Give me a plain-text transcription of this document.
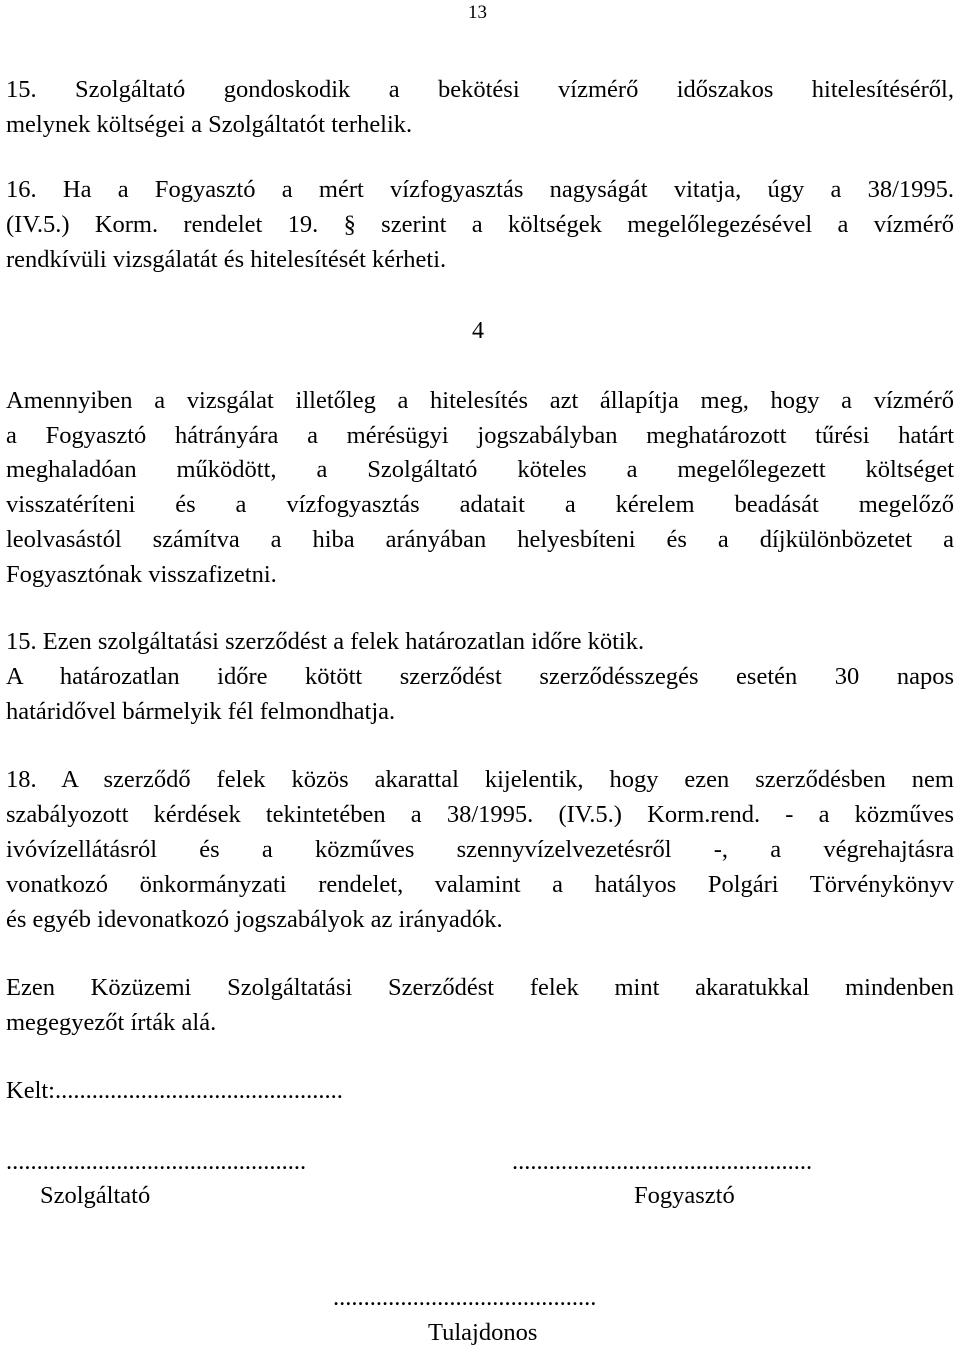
13
4
15. Szolgáltató gondoskodik a bekötési vízmérő időszakos hitelesítéséről,
melynek költségei a Szolgáltatót terhelik.
16. Ha a Fogyasztó a mért vízfogyasztás nagyságát vitatja, úgy a 38/1995.
(IV.5.) Korm. rendelet 19. § szerint a költségek megelőlegezésével a vízmérő
rendkívüli vizsgálatát és hitelesítését kérheti.
Amennyiben a vizsgálat illetőleg a hitelesítés azt állapítja meg, hogy a vízmérő
a Fogyasztó hátrányára a mérésügyi jogszabályban meghatározott tűrési határt
meghaladóan működött, a Szolgáltató köteles a megelőlegezett költséget
visszatéríteni és a vízfogyasztás adatait a kérelem beadását megelőző
leolvasástól számítva a hiba arányában helyesbíteni és a díjkülönbözetet a
Fogyasztónak visszafizetni.
15. Ezen szolgáltatási szerződést a felek határozatlan időre kötik.
A határozatlan időre kötött szerződést szerződésszegés esetén 30 napos
határidővel bármelyik fél felmondhatja.
18. A szerződő felek közös akarattal kijelentik, hogy ezen szerződésben nem
szabályozott kérdések tekintetében a 38/1995. (IV.5.) Korm.rend. - a közműves
ivóvízellátásról és a közműves szennyvízelvezetésről -, a végrehajtásra
vonatkozó önkormányzati rendelet, valamint a hatályos Polgári Törvénykönyv
és egyéb idevonatkozó jogszabályok az irányadók.
Ezen Közüzemi Szolgáltatási Szerződést felek mint akaratukkal mindenben
megegyezőt írták alá.
Kelt:...............................................
.................................................	.................................................
Szolgáltató	Fogyasztó
...........................................
Tulajdonos
